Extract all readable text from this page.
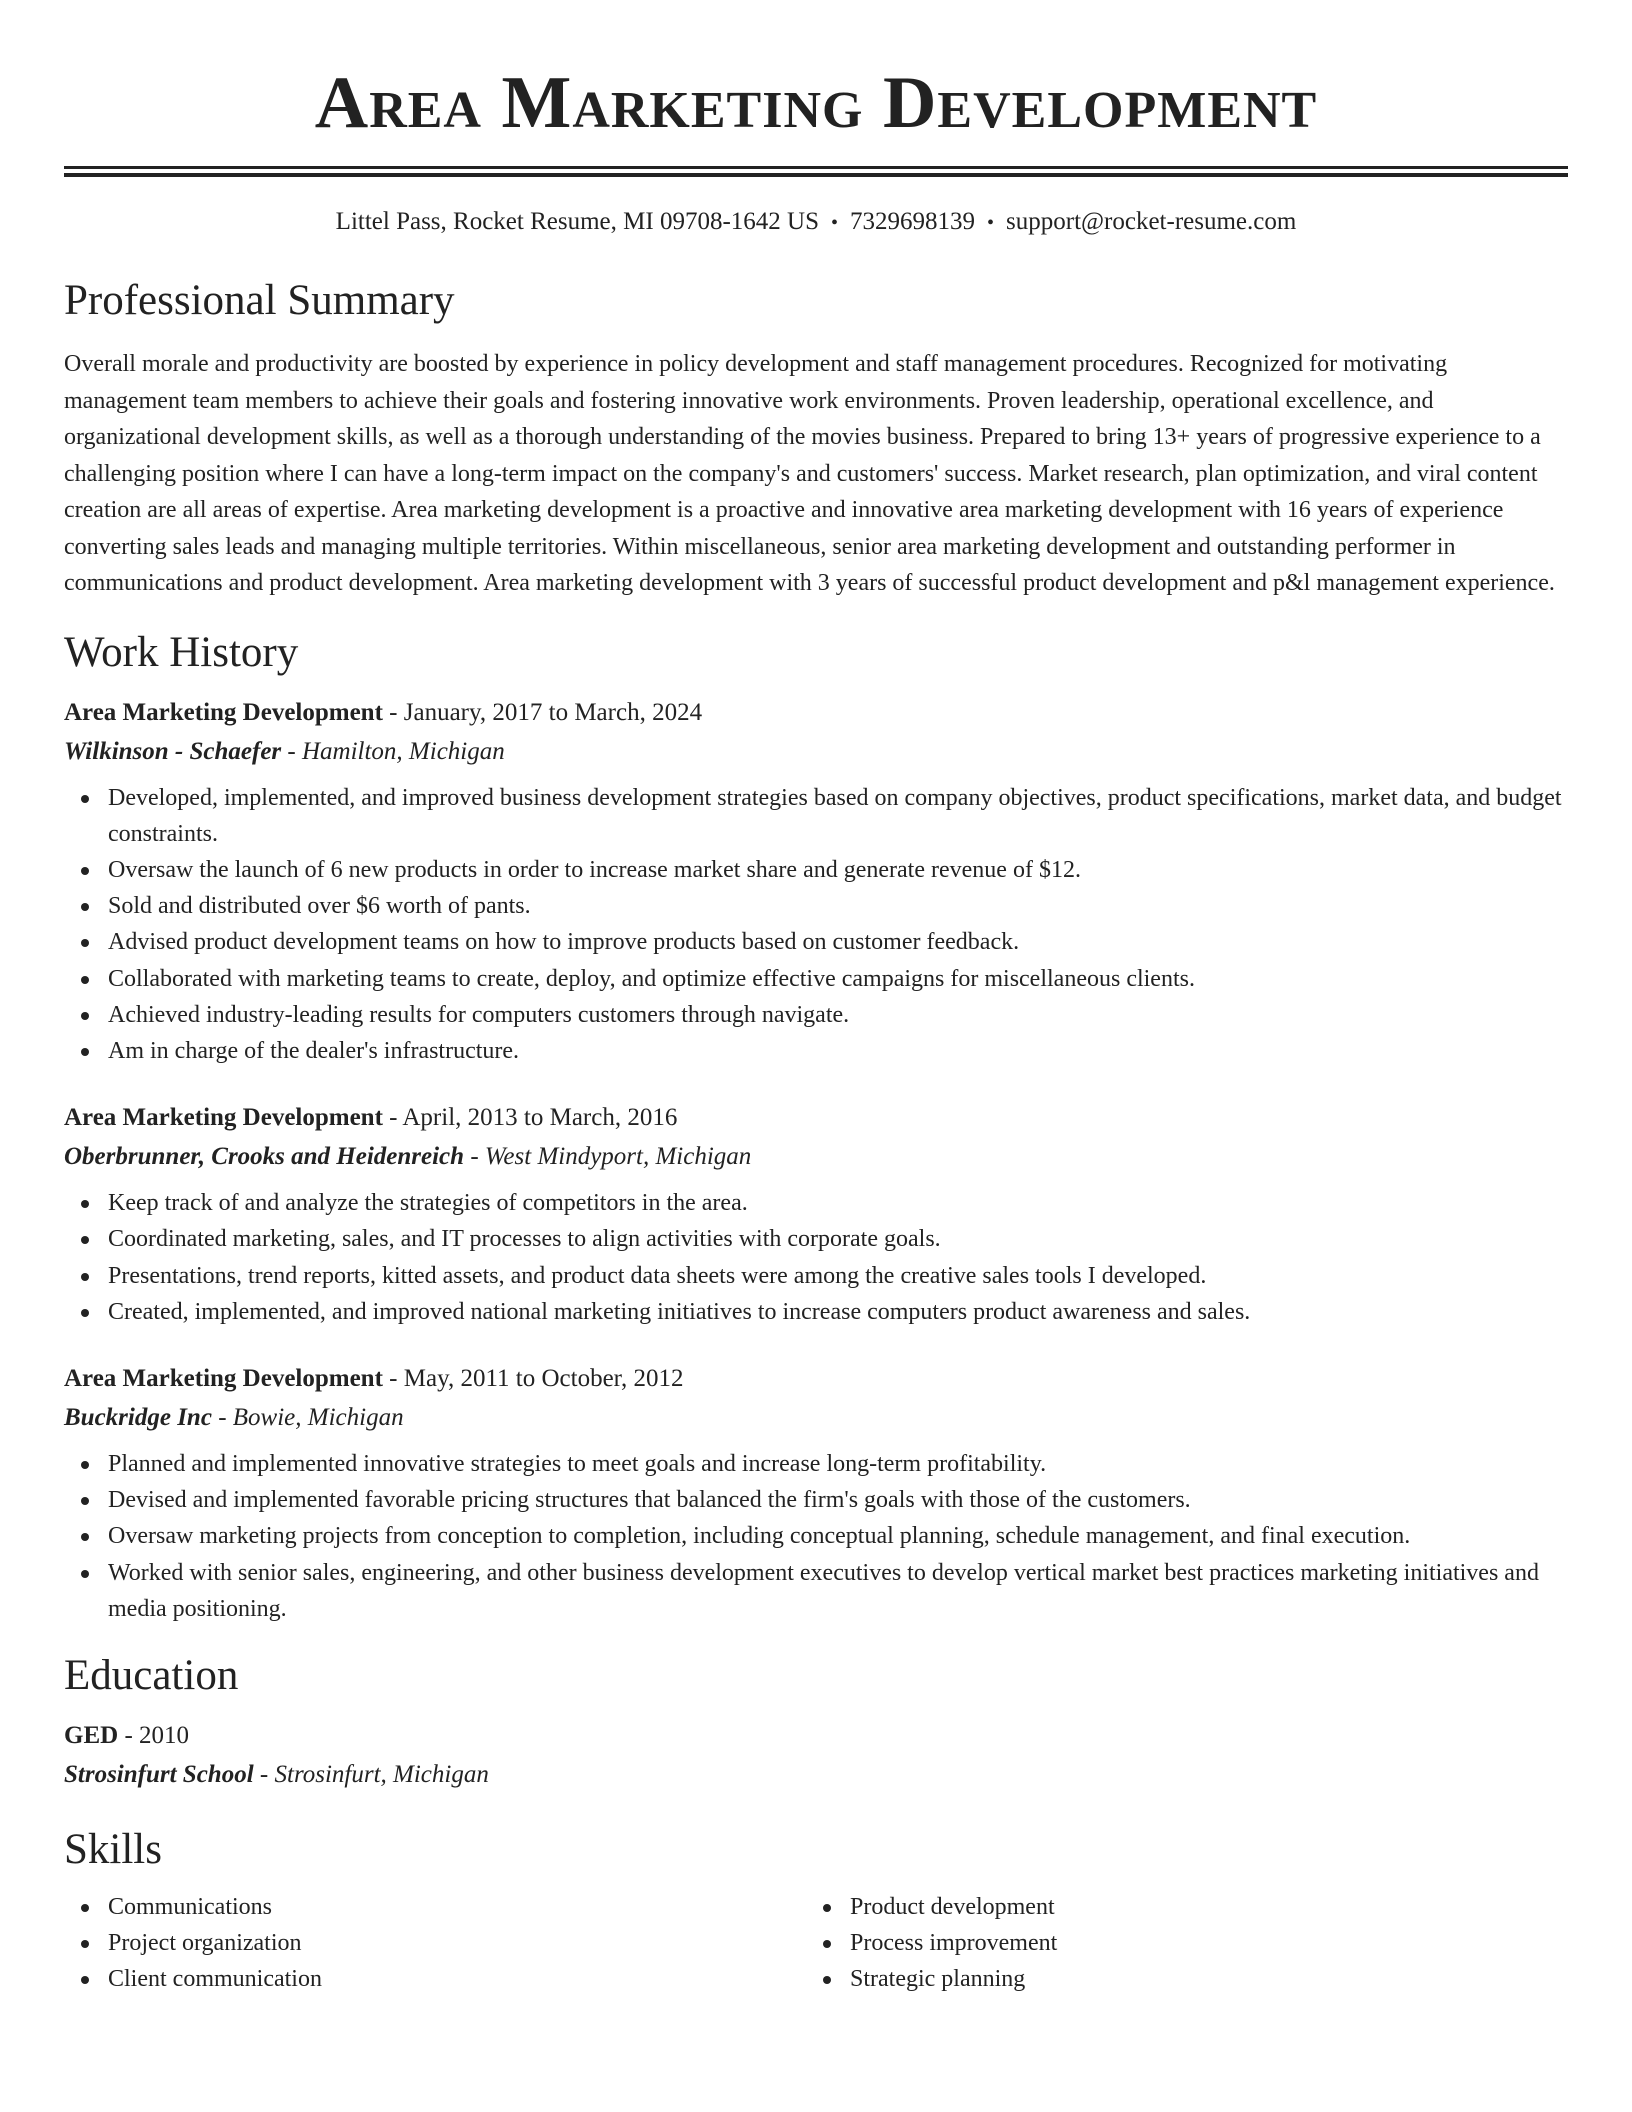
Area Marketing Development
Littel Pass, Rocket Resume, MI 09708-1642 US • 7329698139 • support@rocket-resume.com
Professional Summary
Overall morale and productivity are boosted by experience in policy development and staff management procedures. Recognized for motivating management team members to achieve their goals and fostering innovative work environments. Proven leadership, operational excellence, and organizational development skills, as well as a thorough understanding of the movies business. Prepared to bring 13+ years of progressive experience to a challenging position where I can have a long-term impact on the company's and customers' success. Market research, plan optimization, and viral content creation are all areas of expertise. Area marketing development is a proactive and innovative area marketing development with 16 years of experience converting sales leads and managing multiple territories. Within miscellaneous, senior area marketing development and outstanding performer in communications and product development. Area marketing development with 3 years of successful product development and p&l management experience.
Work History
Area Marketing Development - January, 2017 to March, 2024
Wilkinson - Schaefer - Hamilton, Michigan
Developed, implemented, and improved business development strategies based on company objectives, product specifications, market data, and budget constraints.
Oversaw the launch of 6 new products in order to increase market share and generate revenue of $12.
Sold and distributed over $6 worth of pants.
Advised product development teams on how to improve products based on customer feedback.
Collaborated with marketing teams to create, deploy, and optimize effective campaigns for miscellaneous clients.
Achieved industry-leading results for computers customers through navigate.
Am in charge of the dealer's infrastructure.
Area Marketing Development - April, 2013 to March, 2016
Oberbrunner, Crooks and Heidenreich - West Mindyport, Michigan
Keep track of and analyze the strategies of competitors in the area.
Coordinated marketing, sales, and IT processes to align activities with corporate goals.
Presentations, trend reports, kitted assets, and product data sheets were among the creative sales tools I developed.
Created, implemented, and improved national marketing initiatives to increase computers product awareness and sales.
Area Marketing Development - May, 2011 to October, 2012
Buckridge Inc - Bowie, Michigan
Planned and implemented innovative strategies to meet goals and increase long-term profitability.
Devised and implemented favorable pricing structures that balanced the firm's goals with those of the customers.
Oversaw marketing projects from conception to completion, including conceptual planning, schedule management, and final execution.
Worked with senior sales, engineering, and other business development executives to develop vertical market best practices marketing initiatives and media positioning.
Education
GED - 2010
Strosinfurt School - Strosinfurt, Michigan
Skills
Communications
Project organization
Client communication
Product development
Process improvement
Strategic planning
